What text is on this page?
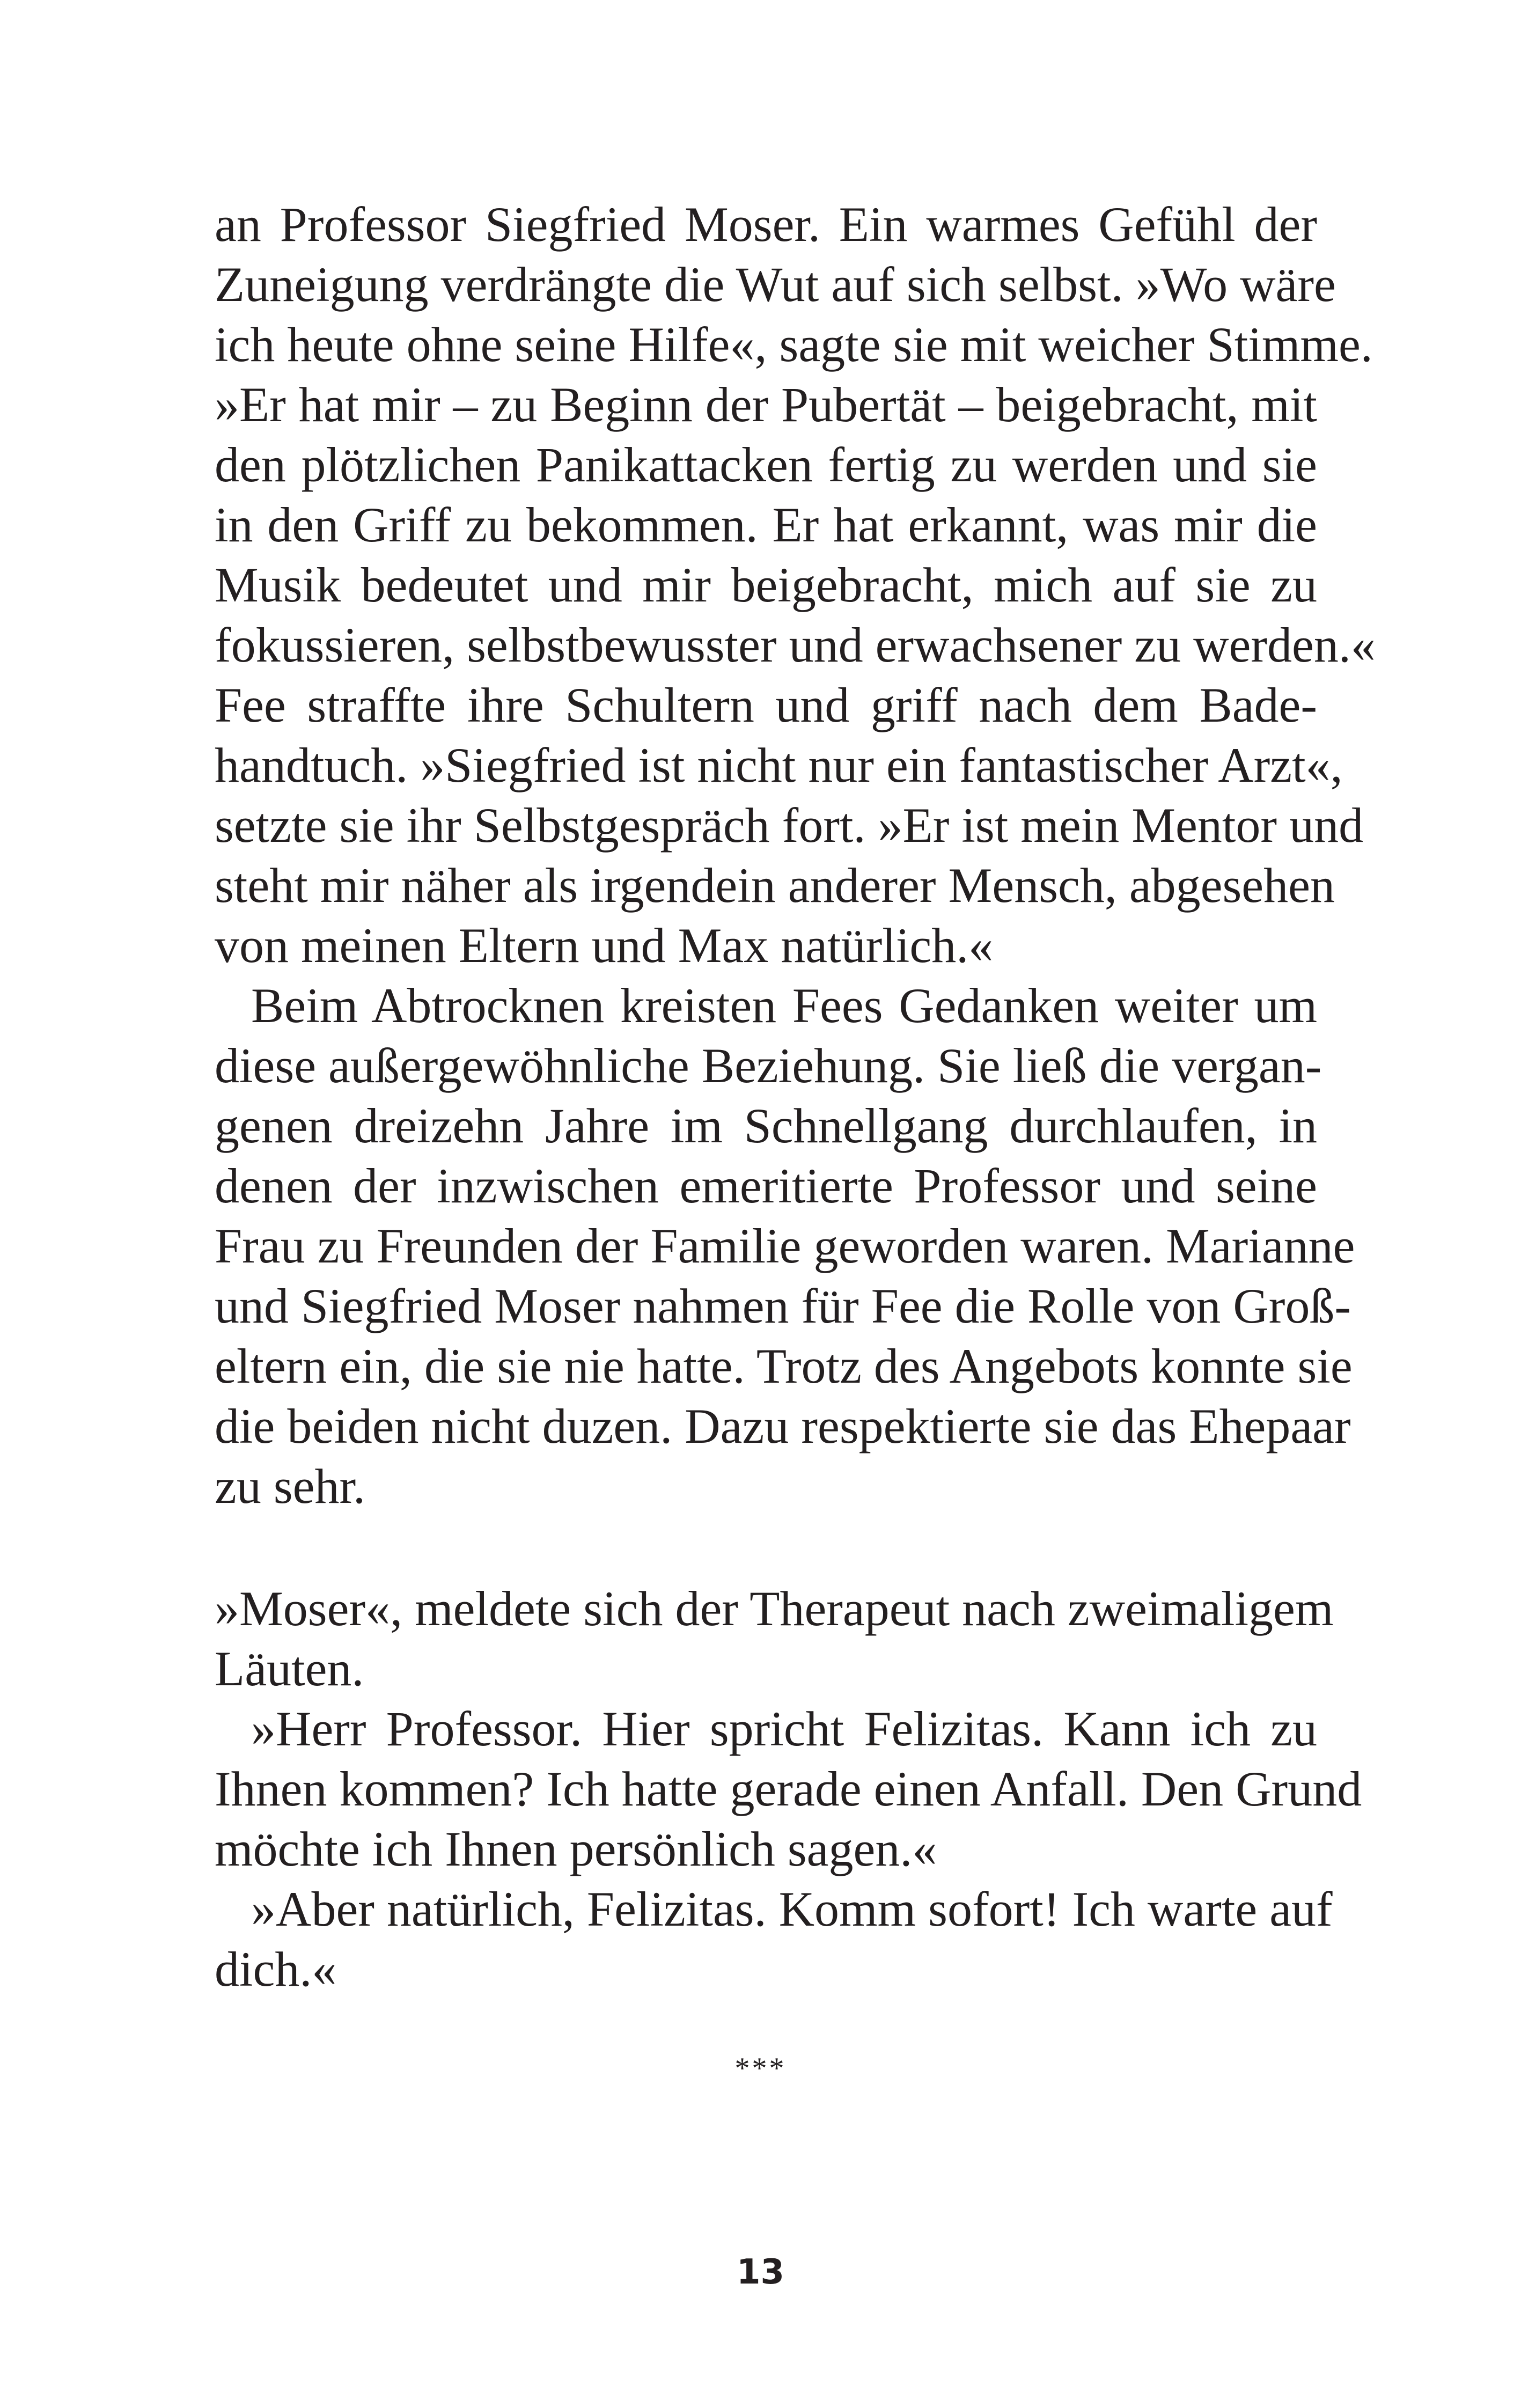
an Professor Siegfried Moser. Ein warmes Gefühl der
Zuneigung verdrängte die Wut auf sich selbst. »Wo wäre
ich heute ohne seine Hilfe«, sagte sie mit weicher Stimme.
»Er hat mir – zu Beginn der Pubertät – beigebracht, mit
den plötzlichen Panikattacken fertig zu werden und sie
in den Griff zu bekommen. Er hat erkannt, was mir die
Musik bedeutet und mir beigebracht, mich auf sie zu
fokussieren, selbstbewusster und erwachsener zu werden.«
Fee straffte ihre Schultern und griff nach dem Bade-
handtuch. »Siegfried ist nicht nur ein fantastischer Arzt«,
setzte sie ihr Selbstgespräch fort. »Er ist mein Mentor und
steht mir näher als irgendein anderer Mensch, abgesehen
von meinen Eltern und Max natürlich.«
Beim Abtrocknen kreisten Fees Gedanken weiter um
diese außergewöhnliche Beziehung. Sie ließ die vergan-
genen dreizehn Jahre im Schnellgang durchlaufen, in
denen der inzwischen emeritierte Professor und seine
Frau zu Freunden der Familie geworden waren. Marianne
und Siegfried Moser nahmen für Fee die Rolle von Groß-
eltern ein, die sie nie hatte. Trotz des Angebots konnte sie
die beiden nicht duzen. Dazu respektierte sie das Ehepaar
zu sehr.
»Moser«, meldete sich der Therapeut nach zweimaligem
Läuten.
»Herr Professor. Hier spricht Felizitas. Kann ich zu
Ihnen kommen? Ich hatte gerade einen Anfall. Den Grund
möchte ich Ihnen persönlich sagen.«
»Aber natürlich, Felizitas. Komm sofort! Ich warte auf
dich.«
***
13
